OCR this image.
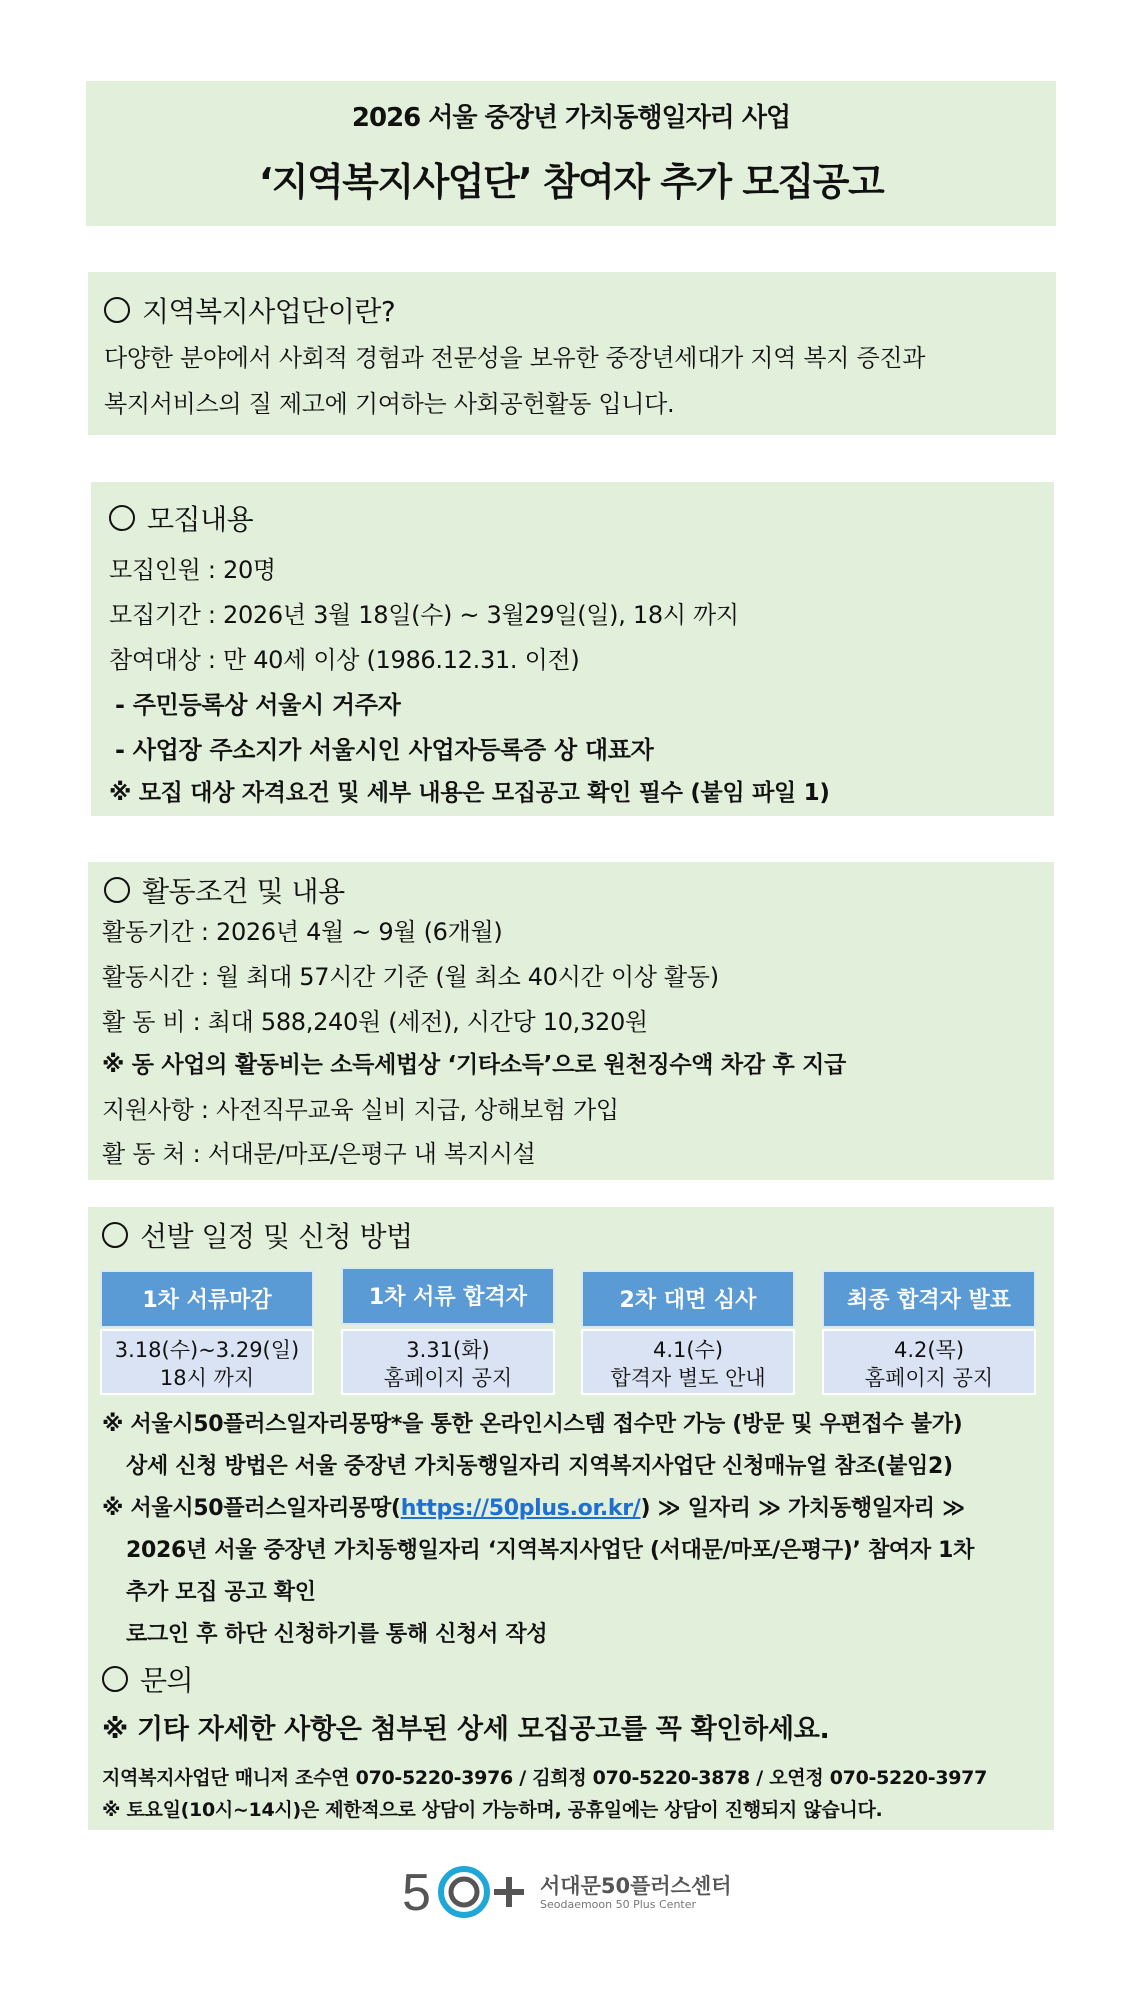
2026 서울 중장년 가치동행일자리 사업
‘지역복지사업단’ 참여자 추가 모집공고
지역복지사업단이란?
다양한 분야에서 사회적 경험과 전문성을 보유한 중장년세대가 지역 복지 증진과
복지서비스의 질 제고에 기여하는 사회공헌활동 입니다.
모집내용
모집인원 : 20명
모집기간 : 2026년 3월 18일(수) ~ 3월29일(일), 18시 까지
참여대상 : 만 40세 이상 (1986.12.31. 이전)
- 주민등록상 서울시 거주자
- 사업장 주소지가 서울시인 사업자등록증 상 대표자
※ 모집 대상 자격요건 및 세부 내용은 모집공고 확인 필수 (붙임 파일 1)
활동조건 및 내용
활동기간 : 2026년 4월 ~ 9월 (6개월)
활동시간 : 월 최대 57시간 기준 (월 최소 40시간 이상 활동)
활 동 비 : 최대 588,240원 (세전), 시간당 10,320원
※ 동 사업의 활동비는 소득세법상 ‘기타소득’으로 원천징수액 차감 후 지급
지원사항 : 사전직무교육 실비 지급, 상해보험 가입
활 동 처 : 서대문/마포/은평구 내 복지시설
선발 일정 및 신청 방법
1차 서류마감
3.18(수)~3.29(일)
18시 까지
1차 서류 합격자
3.31(화)
홈페이지 공지
2차 대면 심사
4.1(수)
합격자 별도 안내
최종 합격자 발표
4.2(목)
홈페이지 공지
※ 서울시50플러스일자리몽땅*을 통한 온라인시스템 접수만 가능 (방문 및 우편접수 불가)
상세 신청 방법은 서울 중장년 가치동행일자리 지역복지사업단 신청매뉴얼 참조(붙임2)
※ 서울시50플러스일자리몽땅(https://50plus.or.kr/) ≫ 일자리 ≫ 가치동행일자리 ≫
2026년 서울 중장년 가치동행일자리 ‘지역복지사업단 (서대문/마포/은평구)’ 참여자 1차
추가 모집 공고 확인
로그인 후 하단 신청하기를 통해 신청서 작성
문의
※ 기타 자세한 사항은 첨부된 상세 모집공고를 꼭 확인하세요.
지역복지사업단 매니저 조수연 070-5220-3976 / 김희정 070-5220-3878 / 오연정 070-5220-3977
※ 토요일(10시~14시)은 제한적으로 상담이 가능하며, 공휴일에는 상담이 진행되지 않습니다.
5	서대문50플러스센터
Seodaemoon 50 Plus Center
